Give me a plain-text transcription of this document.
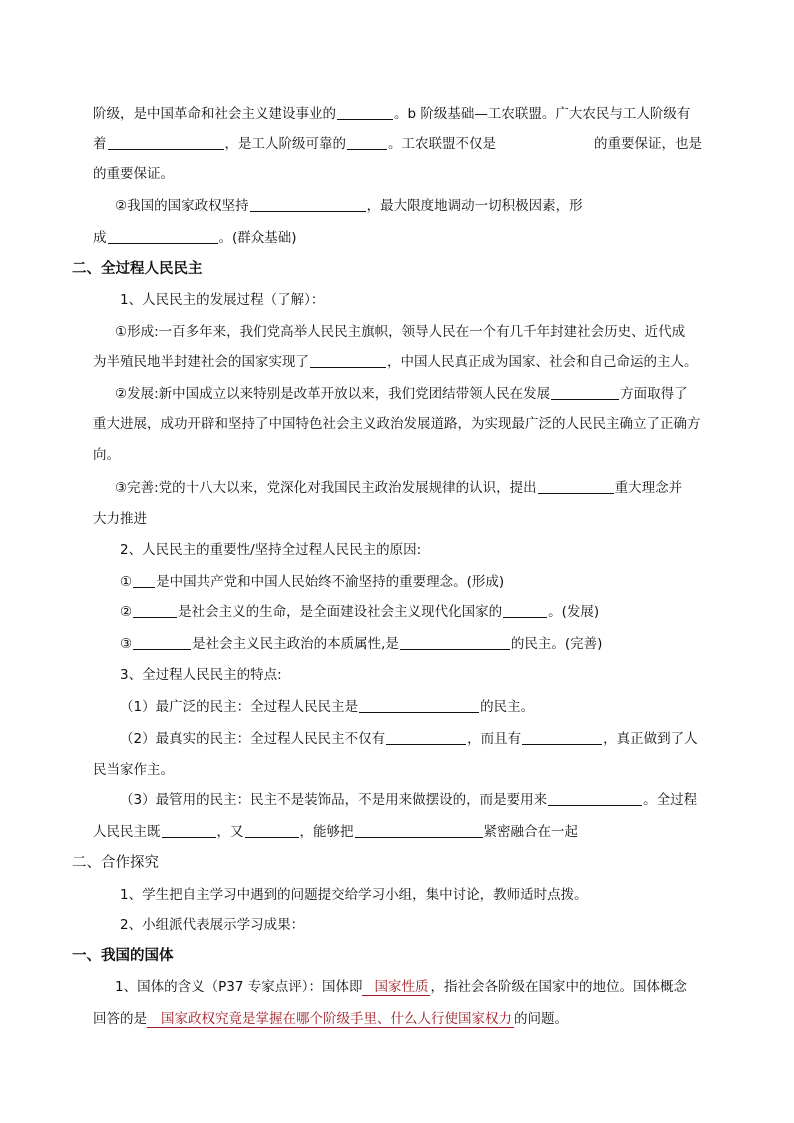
阶级，是中国革命和社会主义建设事业的	。b 阶级基础—工农联盟。广大农民与工人阶级有
着	，是工人阶级可靠的	。工农联盟不仅是	的重要保证，也是
的重要保证。
②我国的国家政权坚持	，最大限度地调动一切积极因素，形
成	。(群众基础)
二、全过程人民民主
1、人民民主的发展过程（了解）：
①形成:一百多年来，我们党高举人民民主旗帜，领导人民在一个有几千年封建社会历史、近代成
为半殖民地半封建社会的国家实现了	，中国人民真正成为国家、社会和自己命运的主人。
②发展:新中国成立以来特别是改革开放以来，我们党团结带领人民在发展	方面取得了
重大进展，成功开辟和坚持了中国特色社会主义政治发展道路，为实现最广泛的人民民主确立了正确方
向。
③完善:党的十八大以来，党深化对我国民主政治发展规律的认识，提出	重大理念并
大力推进
2、人民民主的重要性/坚持全过程人民民主的原因:
① 是中国共产党和中国人民始终不渝坚持的重要理念。(形成)
②	是社会主义的生命，是全面建设社会主义现代化国家的	。(发展)
③	是社会主义民主政治的本质属性,是	的民主。(完善)
3、全过程人民民主的特点:
（1）最广泛的民主：全过程人民民主是	的民主。
（2）最真实的民主：全过程人民民主不仅有	，而且有	，真正做到了人
民当家作主。
（3）最管用的民主：民主不是装饰品，不是用来做摆设的，而是要用来	。全过程
人民民主既	，又	，能够把	紧密融合在一起
二、合作探究
1、学生把自主学习中遇到的问题提交给学习小组，集中讨论，教师适时点拨。
2、小组派代表展示学习成果：
一、我国的国体
1、国体的含义（P37 专家点评）：国体即 国家性质 ，指社会各阶级在国家中的地位。国体概念
回答的是 国家政权究竟是掌握在哪个阶级手里、什么人行使国家权力 的问题。
